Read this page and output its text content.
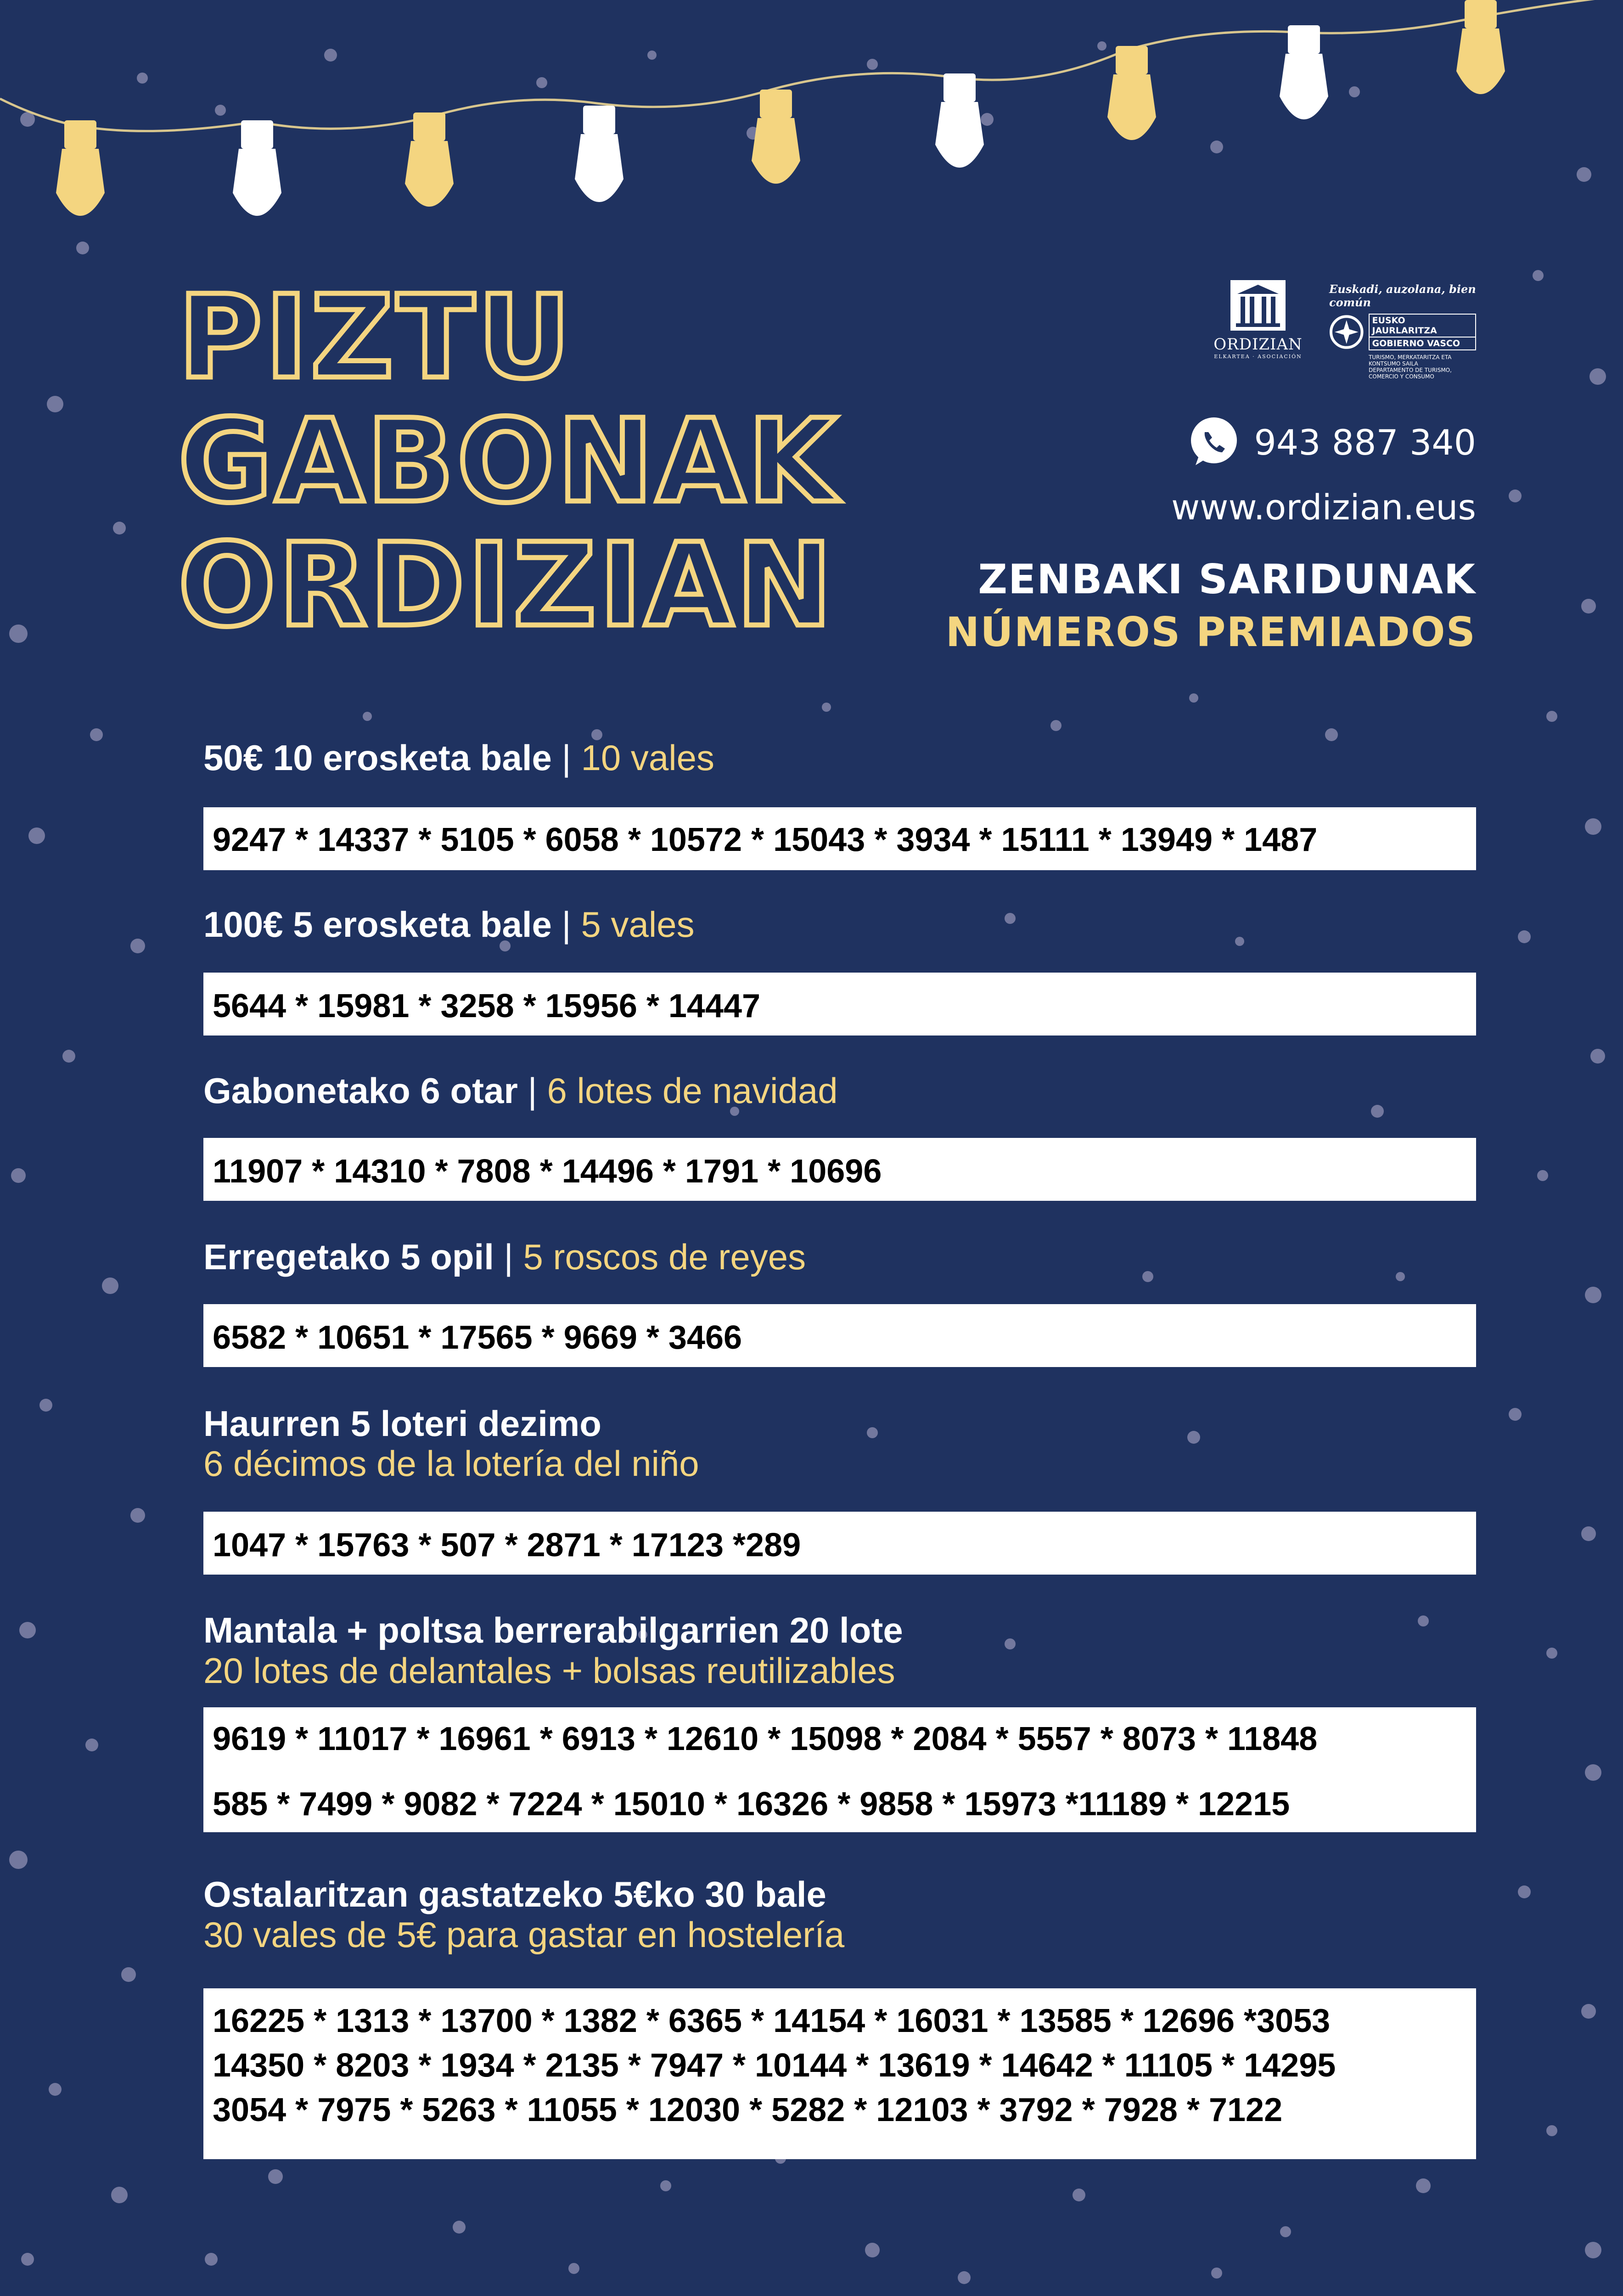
PIZTU
GABONAK
ORDIZIAN
ORDIZIAN
ELKARTEA · ASOCIACIÓN
Euskadi, auzolana, bien común
EUSKO JAURLARITZA
GOBIERNO VASCO
TURISMO, MERKATARITZA ETA KONTSUMO SAILA
DEPARTAMENTO DE TURISMO, COMERCIO Y CONSUMO
943 887 340
www.ordizian.eus
ZENBAKI SARIDUNAK
NÚMEROS PREMIADOS
50€ 10 erosketa bale | 10 vales
9247 * 14337 * 5105 * 6058 * 10572 * 15043 * 3934 * 15111 * 13949 * 1487
100€ 5 erosketa bale | 5 vales
5644 * 15981 * 3258 * 15956 * 14447
Gabonetako 6 otar | 6 lotes de navidad
11907 * 14310 * 7808 * 14496 * 1791 * 10696
Erregetako 5 opil | 5 roscos de reyes
6582 * 10651 * 17565 * 9669 * 3466
Haurren 5 loteri dezimo
6 décimos de la lotería del niño
1047 * 15763 * 507 * 2871 * 17123 *289
Mantala + poltsa berrerabilgarrien 20 lote
20 lotes de delantales + bolsas reutilizables
9619 * 11017 * 16961 * 6913 * 12610 * 15098 * 2084 * 5557 * 8073 * 11848
585 * 7499 * 9082 * 7224 * 15010 * 16326 * 9858 * 15973 *11189 * 12215
Ostalaritzan gastatzeko 5€ko 30 bale
30 vales de 5€ para gastar en hostelería
16225 * 1313 * 13700 * 1382 * 6365 * 14154 * 16031 * 13585 * 12696 *3053
14350 * 8203 * 1934 * 2135 * 7947 * 10144 * 13619 * 14642 * 11105 * 14295
3054 * 7975 * 5263 * 11055 * 12030 * 5282 * 12103 * 3792 * 7928 * 7122
